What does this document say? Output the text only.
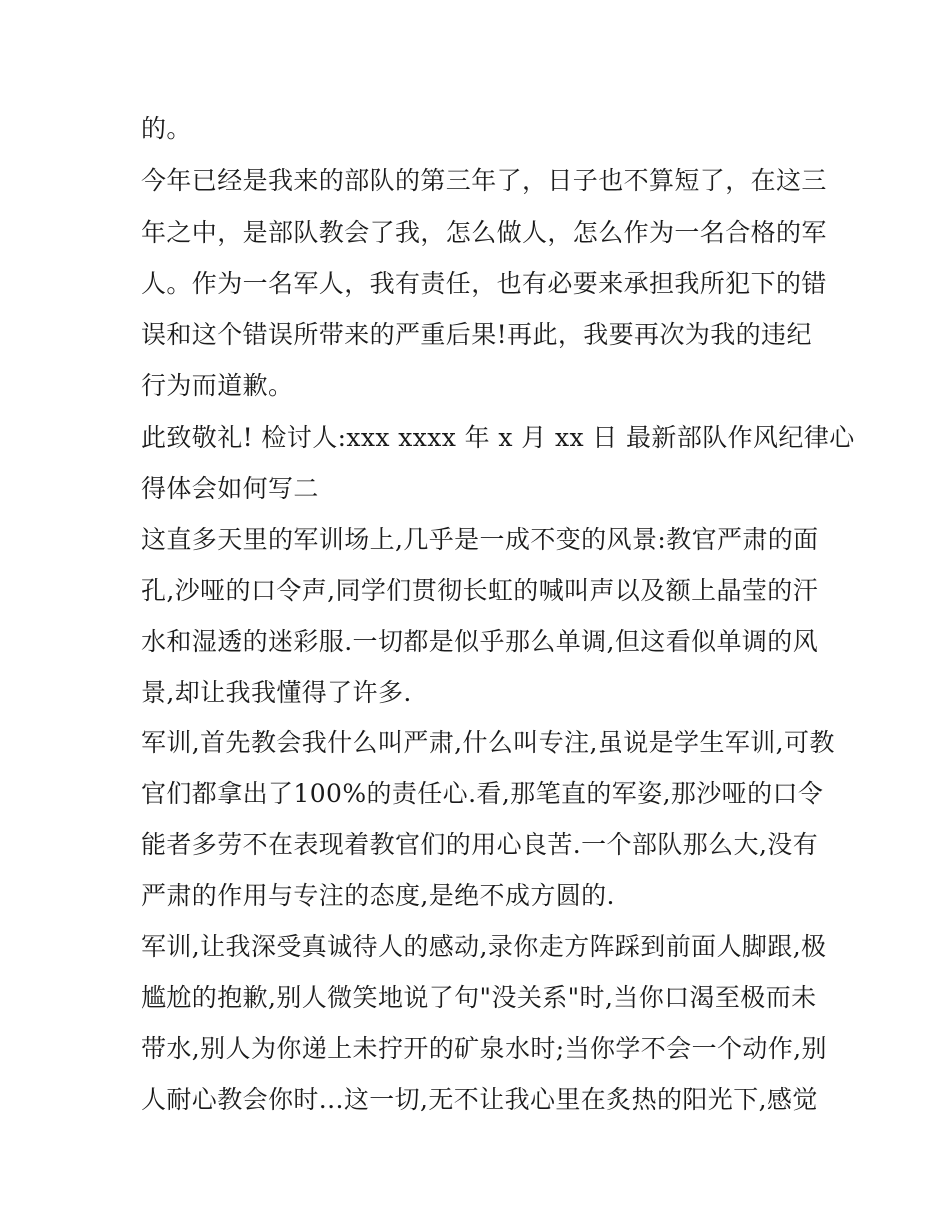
的。
今年已经是我来的部队的第三年了，日子也不算短了，在这三
年之中，是部队教会了我，怎么做人，怎么作为一名合格的军
人。作为一名军人，我有责任，也有必要来承担我所犯下的错
误和这个错误所带来的严重后果!再此，我要再次为我的违纪
行为而道歉。
此致敬礼! 检讨人:xxx xxxx 年 x 月 xx 日 最新部队作风纪律心
得体会如何写二
这直多天里的军训场上,几乎是一成不变的风景:教官严肃的面
孔,沙哑的口令声,同学们贯彻长虹的喊叫声以及额上晶莹的汗
水和湿透的迷彩服.一切都是似乎那么单调,但这看似单调的风
景,却让我我懂得了许多.
军训,首先教会我什么叫严肃,什么叫专注,虽说是学生军训,可教
官们都拿出了100%的责任心.看,那笔直的军姿,那沙哑的口令
能者多劳不在表现着教官们的用心良苦.一个部队那么大,没有
严肃的作用与专注的态度,是绝不成方圆的.
军训,让我深受真诚待人的感动,录你走方阵踩到前面人脚跟,极
尴尬的抱歉,别人微笑地说了句"没关系"时,当你口渴至极而未
带水,别人为你递上未拧开的矿泉水时;当你学不会一个动作,别
人耐心教会你时...这一切,无不让我心里在炙热的阳光下,感觉
